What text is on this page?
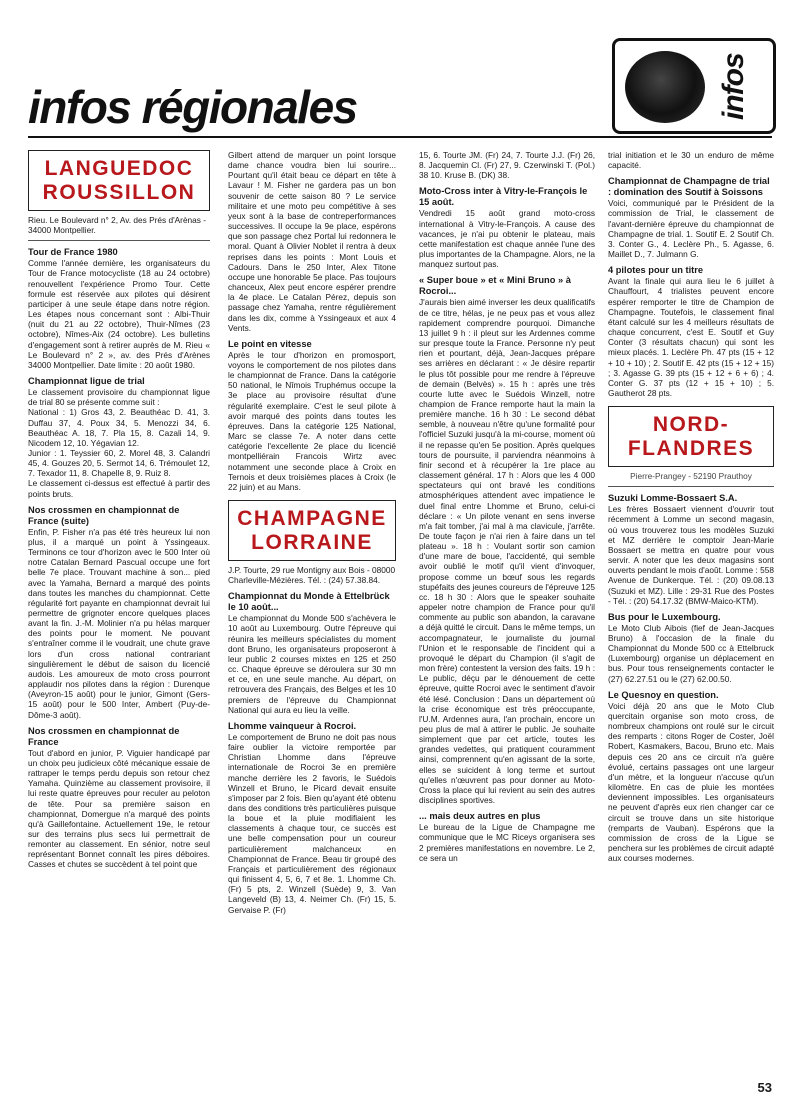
infos régionales	infos
LANGUEDOC
ROUSSILLON
Rieu. Le Boulevard n° 2, Av. des Prés d'Arènas - 34000 Montpellier.
Tour de France 1980
Comme l'année dernière, les organisateurs du Tour de France motocycliste (18 au 24 octobre) renouvellent l'expérience Promo Tour. Cette formule est réservée aux pilotes qui désirent participer à une seule étape dans notre région. Les étapes nous concernant sont : Albi-Thuir (nuit du 21 au 22 octobre), Thuir-Nîmes (23 octobre), Nîmes-Aix (24 octobre). Les bulletins d'engagement sont à retirer auprès de M. Rieu « Le Boulevard n° 2 », av. des Prés d'Arènes 34000 Montpellier. Date limite : 20 août 1980.
Championnat ligue de trial
Le classement provisoire du championnat ligue de trial 80 se présente comme suit :
National : 1) Gros 43, 2. Beauthéac D. 41, 3. Duffau 37, 4. Poux 34, 5. Menozzi 34, 6. Beauthéac A. 18, 7. Pla 15, 8. Cazali 14, 9. Nicodem 12, 10. Yégavian 12.
Junior : 1. Teyssier 60, 2. Morel 48, 3. Calandri 45, 4. Gouzes 20, 5. Sermot 14, 6. Trémoulet 12, 7. Texador 11, 8. Chapelle 8, 9. Ruiz 8.
Le classement ci-dessus est effectué à partir des points bruts.
Nos crossmen en championnat de France (suite)
Enfin, P. Fisher n'a pas été très heureux lui non plus, il a marqué un point à Yssingeaux. Terminons ce tour d'horizon avec le 500 Inter où notre Catalan Bernard Pascual occupe une fort belle 7e place. Trouvant machine à son... pied avec la Yamaha, Bernard a marqué des points dans toutes les manches du championnat. Cette régularité fort payante en championnat devrait lui permettre de grignoter encore quelques places avant la fin. J.-M. Molinier n'a pu hélas marquer des points pour le moment. Ne pouvant s'entraîner comme il le voudrait, une chute grave lors d'un cross national contrariant singulièrement le début de saison du licencié audois. Les amoureux de moto cross pourront applaudir nos pilotes dans la région : Durenque (Aveyron-15 août) pour le junior, Gimont (Gers-15 août) pour le 500 Inter, Ambert (Puy-de-Dôme-3 août).
Nos crossmen en championnat de France
Tout d'abord en junior, P. Viguier handicapé par un choix peu judicieux côté mécanique essaie de rattraper le temps perdu depuis son retour chez Yamaha. Quinzième au classement provisoire, il lui reste quatre épreuves pour reculer au peloton de tête. Pour sa première saison en championnat, Domergue n'a marqué des points qu'à Gaillefontaine. Actuellement 19e, le retour sur des terrains plus secs lui permettrait de remonter au classement. En sénior, notre seul représentant Bonnet connaît les pires déboires. Casses et chutes se succèdent à tel point que
Gilbert attend de marquer un point lorsque dame chance voudra bien lui sourire... Pourtant qu'il était beau ce départ en tête à Lavaur ! M. Fisher ne gardera pas un bon souvenir de cette saison 80 ? Le service militaire et une moto peu compétitive à ses yeux sont à la base de contreperformances successives. Il occupe la 9e place, espérons que son passage chez Portal lui redonnera le moral. Quant à Olivier Noblet il rentra à deux reprises dans les points : Mont Louis et Cadours. Dans le 250 Inter, Alex Titone occupe une honorable 5e place. Pas toujours chanceux, Alex peut encore espérer prendre la 4e place. Le Catalan Pérez, depuis son passage chez Yamaha, rentre régulièrement dans les dix, comme à Yssingeaux et aux 4 Vents.
Le point en vitesse
Après le tour d'horizon en promosport, voyons le comportement de nos pilotes dans le championnat de France. Dans la catégorie 50 national, le Nîmois Truphémus occupe la 3e place au provisoire résultat d'une régularité exemplaire. C'est le seul pilote à avoir marqué des points dans toutes les épreuves. Dans la catégorie 125 National, Marc se classe 7e. A noter dans cette catégorie l'excellente 2e place du licencié montpelliérain Francois Wirtz avec notamment une seconde place à Croix en Ternois et deux troisièmes places à Croix (le 22 juin) et au Mans.
CHAMPAGNE
LORRAINE
J.P. Tourte, 29 rue Montigny aux Bois - 08000 Charleville-Mézières. Tél. : (24) 57.38.84.
Championnat du Monde à Ettelbrück le 10 août...
Le championnat du Monde 500 s'achèvera le 10 août au Luxembourg. Outre l'épreuve qui réunira les meilleurs spécialistes du moment dont Bruno, les organisateurs proposeront à leur public 2 courses mixtes en 125 et 250 cc. Chaque épreuve se déroulera sur 30 mn et ce, en une seule manche. Au départ, on retrouvera des Français, des Belges et les 10 premiers de l'épreuve du Championnat National qui aura eu lieu la veille.
Lhomme vainqueur à Rocroi.
Le comportement de Bruno ne doit pas nous faire oublier la victoire remportée par Christian Lhomme dans l'épreuve internationale de Rocroi 3e en première manche derrière les 2 favoris, le Suédois Winzell et Bruno, le Picard devait ensuite s'imposer par 2 fois. Bien qu'ayant été obtenu dans des conditions très particulières puisque la boue et la pluie modifiaient les classements à chaque tour, ce succès est une belle compensation pour un coureur particulièrement malchanceux en Championnat de France. Beau tir groupé des Français et particulièrement des régionaux qui finissent 4, 5, 6, 7 et 8e. 1. Lhomme Ch. (Fr) 5 pts, 2. Winzell (Suède) 9, 3. Van Langeveld (B) 13, 4. Neimer Ch. (Fr) 15, 5. Gervaise P. (Fr)
15, 6. Tourte JM. (Fr) 24, 7. Tourte J.J. (Fr) 26, 8. Jacquemin Cl. (Fr) 27, 9. Czerwinski T. (Pol.) 38 10. Kruse B. (DK) 38.
Moto-Cross inter à Vitry-le-François le 15 août.
Vendredi 15 août grand moto-cross international à Vitry-le-François. A cause des vacances, je n'ai pu obtenir le plateau, mais cette manifestation est chaque année l'une des plus importantes de la Champagne. Alors, ne la manquez surtout pas.
« Super boue » et « Mini Bruno » à Rocroi...
J'aurais bien aimé inverser les deux qualificatifs de ce titre, hélas, je ne peux pas et vous allez rapidement comprendre pourquoi. Dimanche 13 juillet 9 h : il pleut sur les Ardennes comme sur presque toute la France. Personne n'y peut rien et pourtant, déjà, Jean-Jacques prépare ses arrières en déclarant : « Je désire repartir le plus tôt possible pour me rendre à l'épreuve de demain (Belvès) ». 15 h : après une très courte lutte avec le Suédois Winzell, notre champion de France remporte haut la main la première manche. 16 h 30 : Le second débat semble, à nouveau n'être qu'une formalité pour l'officiel Suzuki jusqu'à la mi-course, moment où il ne repasse qu'en 5e position. Après quelques tours de poursuite, il parviendra néanmoins à finir second et à récupérer la 1re place au classement général. 17 h : Alors que les 4 000 spectateurs qui ont bravé les conditions atmosphériques attendent avec impatience le duel final entre Lhomme et Bruno, celui-ci déclare : « Un pilote venant en sens inverse m'a fait tomber, j'ai mal à ma clavicule, j'arrête. De toute façon je n'ai rien à faire dans un tel plateau ». 18 h : Voulant sortir son camion d'une mare de boue, l'accidenté, qui semble avoir oublié le motif qu'il vient d'invoquer, propose comme un bœuf sous les regards stupéfaits des jeunes coureurs de l'épreuve 125 cc. 18 h 30 : Alors que le speaker souhaite appeler notre champion de France pour qu'il commente au public son abandon, la caravane a déjà quitté le circuit. Dans le même temps, un accompagnateur, le journaliste du journal l'Union et le responsable de l'incident qui a provoqué le départ du Champion (il s'agit de mon frère) contestent la version des faits. 19 h : Le public, déçu par le dénouement de cette épreuve, quitte Rocroi avec le sentiment d'avoir été lésé. Conclusion : Dans un département où la crise économique est très préoccupante, l'U.M. Ardennes aura, l'an prochain, encore un peu plus de mal à attirer le public. Je souhaite simplement que par cet article, toutes les grandes vedettes, qui pratiquent couramment ainsi, comprennent qu'en agissant de la sorte, elles se suicident à long terme et surtout qu'elles n'œuvrent pas pour donner au Moto-Cross la place qui lui revient au sein des autres disciplines sportives.
... mais deux autres en plus
Le bureau de la Ligue de Champagne me communique que le MC Riceys organisera ses 2 premières manifestations en novembre. Le 2, ce sera un
trial initiation et le 30 un enduro de même capacité.
Championnat de Champagne de trial : domination des Soutif à Soissons
Voici, communiqué par le Président de la commission de Trial, le classement de l'avant-dernière épreuve du championnat de Champagne de trial. 1. Soutif E. 2 Soutif Ch. 3. Conter G., 4. Leclère Ph., 5. Agasse, 6. Maillet D., 7. Julmann G.
4 pilotes pour un titre
Avant la finale qui aura lieu le 6 juillet à Chauffourt, 4 trialistes peuvent encore espérer remporter le titre de Champion de Champagne. Toutefois, le classement final étant calculé sur les 4 meilleurs résultats de chaque concurrent, c'est E. Soutif et Guy Conter (3 résultats chacun) qui sont les mieux placés. 1. Leclère Ph. 47 pts (15 + 12 + 10 + 10) ; 2. Soutif E. 42 pts (15 + 12 + 15) ; 3. Agasse G. 39 pts (15 + 12 + 6 + 6) ; 4. Conter G. 37 pts (12 + 15 + 10) ; 5. Gautherot 28 pts.
NORD-
FLANDRES
Pierre-Prangey - 52190 Prauthoy
Suzuki Lomme-Bossaert S.A.
Les frères Bossaert viennent d'ouvrir tout récemment à Lomme un second magasin, où vous trouverez tous les modèles Suzuki et MZ derrière le comptoir Jean-Marie Bossaert se mettra en quatre pour vous servir. A noter que les deux magasins sont ouverts pendant le mois d'août. Lomme : 558 Avenue de Dunkerque. Tél. : (20) 09.08.13 (Suzuki et MZ). Lille : 29-31 Rue des Postes - Tél. : (20) 54.17.32 (BMW-Maico-KTM).
Bus pour le Luxembourg.
Le Moto Club Aibois (fief de Jean-Jacques Bruno) à l'occasion de la finale du Championnat du Monde 500 cc à Ettelbruck (Luxembourg) organise un déplacement en bus. Pour tous renseignements contacter le (27) 62.27.51 ou le (27) 62.00.50.
Le Quesnoy en question.
Voici déjà 20 ans que le Moto Club quercitain organise son moto cross, de nombreux champions ont roulé sur le circuit des remparts : citons Roger de Coster, Joël Robert, Kasmakers, Bacou, Bruno etc. Mais depuis ces 20 ans ce circuit n'a guère évolué, certains passages ont une largeur d'un mètre, et la longueur n'accuse qu'un kilomètre. En cas de pluie les montées deviennent impossibles. Les organisateurs ne peuvent d'après eux rien changer car ce circuit se trouve dans un site historique (remparts de Vauban). Espérons que la commission de cross de la Ligue se penchera sur les problèmes de circuit adapté aux courses modernes.
53
